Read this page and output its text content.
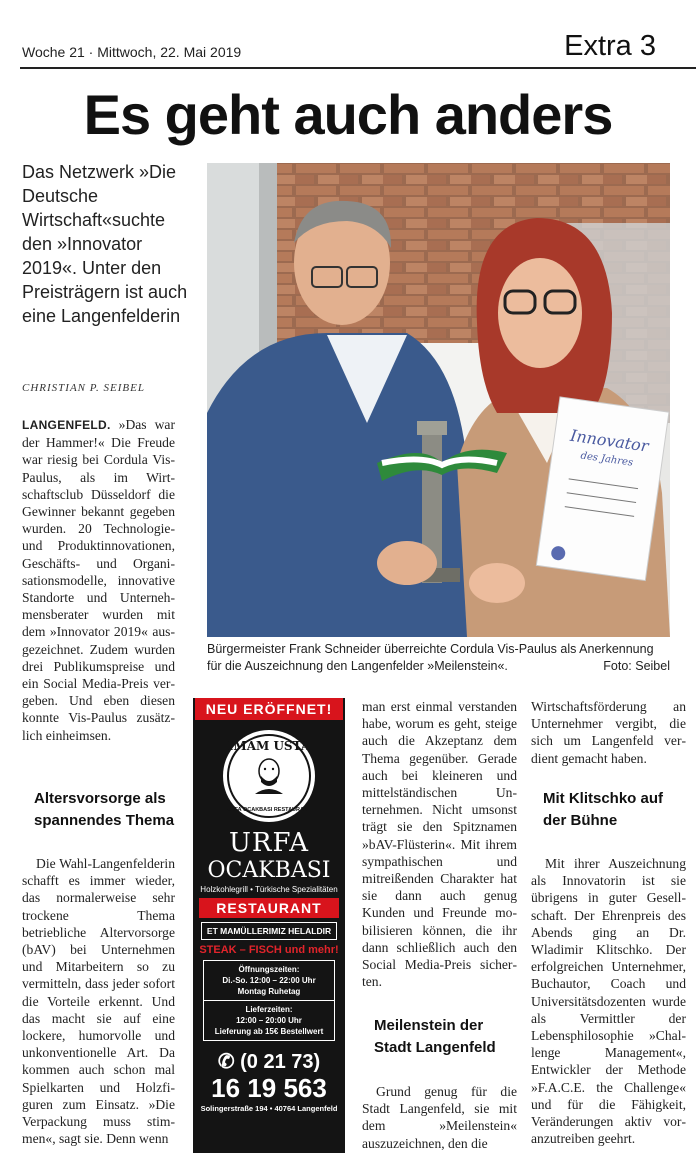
Woche 21 · Mittwoch, 22. Mai 2019	Extra 3
Es geht auch anders
Das Netzwerk »Die Deutsche Wirtschaft«suchte den »Innovator 2019«. Unter den Preisträgern ist auch eine Langenfelderin
CHRISTIAN P. SEIBEL
LANGENFELD. »Das war der Hammer!« Die Freude war riesig bei Cordula Vis-Paulus, als im Wirtschaftsclub Düsseldorf die Gewinner bekannt gegeben wurden. 20 Technologie- und Produktinnovationen, Geschäfts- und Organisationsmodelle, innovative Standorte und Unternehmensberater wurden mit dem »Innovator 2019« ausgezeichnet. Zudem wurden drei Publikumspreise und ein Social Media-Preis vergeben. Und eben diesen konnte Vis-Paulus zusätzlich einheimsen.
Altersvorsorge als spannendes Thema
Die Wahl-Langenfelderin schafft es immer wieder, das normalerweise sehr trockene Thema betriebliche Altervorsorge (bAV) bei Unternehmen und Mitarbeitern so zu vermitteln, dass jeder sofort die Vorteile erkennt. Und das macht sie auf eine lockere, humorvolle und unkonventionelle Art. Da kommen auch schon mal Spielkarten und Holzfiguren zum Einsatz. »Die Verpackung muss stimmen«, sagt sie. Denn wenn
Innovator
des Jahres
Bürgermeister Frank Schneider überreichte Cordula Vis-Paulus als Anerkennung für die Auszeichnung den Langenfelder »Meilenstein«.	Foto: Seibel
NEU ERÖFFNET!
IMAM USTA
URFA OCAKBASI RESTAURANT
URFA
OCAKBASI
Holzkohlegrill • Türkische Spezialitäten
RESTAURANT
ET MAMÜLLERIMIZ HELALDIR
STEAK – FISCH und mehr!
Öffnungszeiten:
Di.-So. 12:00 – 22:00 Uhr
Montag Ruhetag
Lieferzeiten:
12:00 – 20:00 Uhr
Lieferung ab 15€ Bestellwert
✆ (0 21 73)
16 19 563
Solingerstraße 194 • 40764 Langenfeld
man erst einmal verstanden habe, worum es geht, steige auch die Akzeptanz dem Thema gegenüber. Gerade auch bei kleineren und mittelständischen Unternehmen. Nicht umsonst trägt sie den Spitznamen »bAV-Flüsterin«. Mit ihrem sympathischen und mitreißenden Charakter hat sie dann auch genug Kunden und Freunde mobilisieren können, die ihr dann schließlich auch den Social Media-Preis sicherten.
Meilenstein der Stadt Langenfeld
Grund genug für die Stadt Langenfeld, sie mit dem »Meilenstein« auszuzeichnen, den die
Wirtschaftsförderung an Unternehmer vergibt, die sich um Langenfeld verdient gemacht haben.
Mit Klitschko auf der Bühne
Mit ihrer Auszeichnung als Innovatorin ist sie übrigens in guter Gesellschaft. Der Ehrenpreis des Abends ging an Dr. Wladimir Klitschko. Der erfolgreichen Unternehmer, Buchautor, Coach und Universitätsdozenten wurde als Vermittler der Lebensphilosophie »Challenge Management«, Entwickler der Methode »F.A.C.E. the Challenge« und für die Fähigkeit, Veränderungen aktiv voranzutreiben geehrt.
